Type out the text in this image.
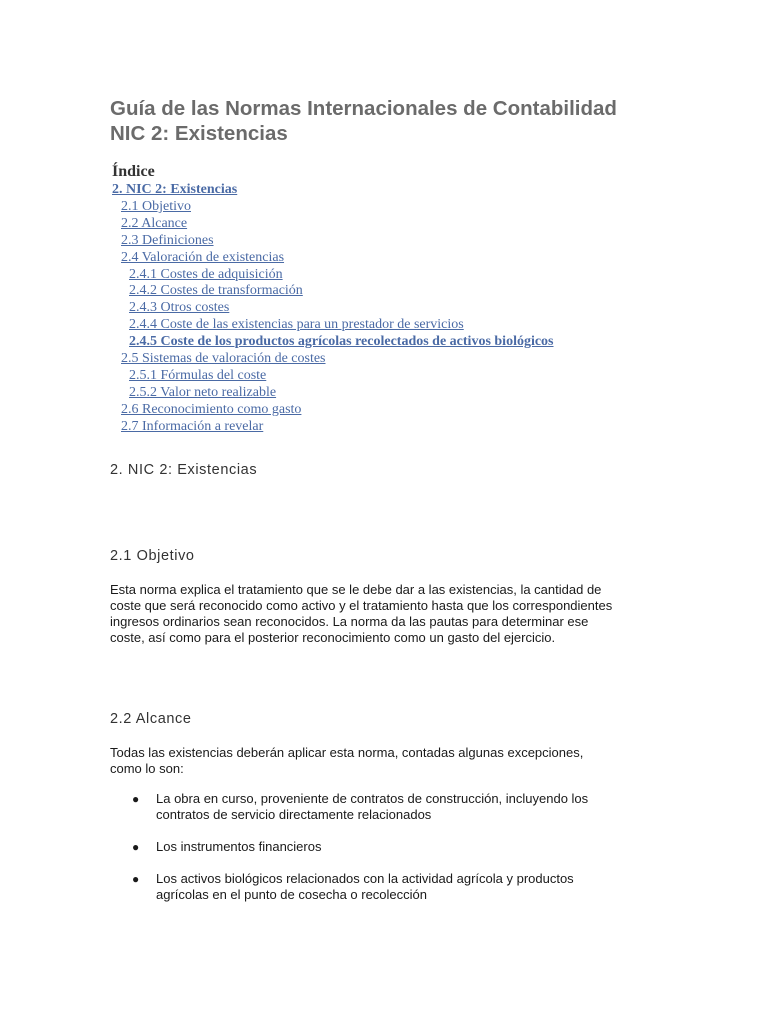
Guía de las Normas Internacionales de Contabilidad
NIC 2: Existencias
Índice
2. NIC 2: Existencias
2.1 Objetivo
2.2 Alcance
2.3 Definiciones
2.4 Valoración de existencias
2.4.1 Costes de adquisición
2.4.2 Costes de transformación
2.4.3 Otros costes
2.4.4 Coste de las existencias para un prestador de servicios
2.4.5 Coste de los productos agrícolas recolectados de activos biológicos
2.5 Sistemas de valoración de costes
2.5.1 Fórmulas del coste
2.5.2 Valor neto realizable
2.6 Reconocimiento como gasto
2.7 Información a revelar
2. NIC 2: Existencias
2.1 Objetivo

Esta norma explica el tratamiento que se le debe dar a las existencias, la cantidad de
coste que será reconocido como activo y el tratamiento hasta que los correspondientes
ingresos ordinarios sean reconocidos. La norma da las pautas para determinar ese
coste, así como para el posterior reconocimiento como un gasto del ejercicio.

2.2 Alcance

Todas las existencias deberán aplicar esta norma, contadas algunas excepciones,
como lo son:

● La obra en curso, proveniente de contratos de construcción, incluyendo los
contratos de servicio directamente relacionados
● Los instrumentos financieros
● Los activos biológicos relacionados con la actividad agrícola y productos
agrícolas en el punto de cosecha o recolección
